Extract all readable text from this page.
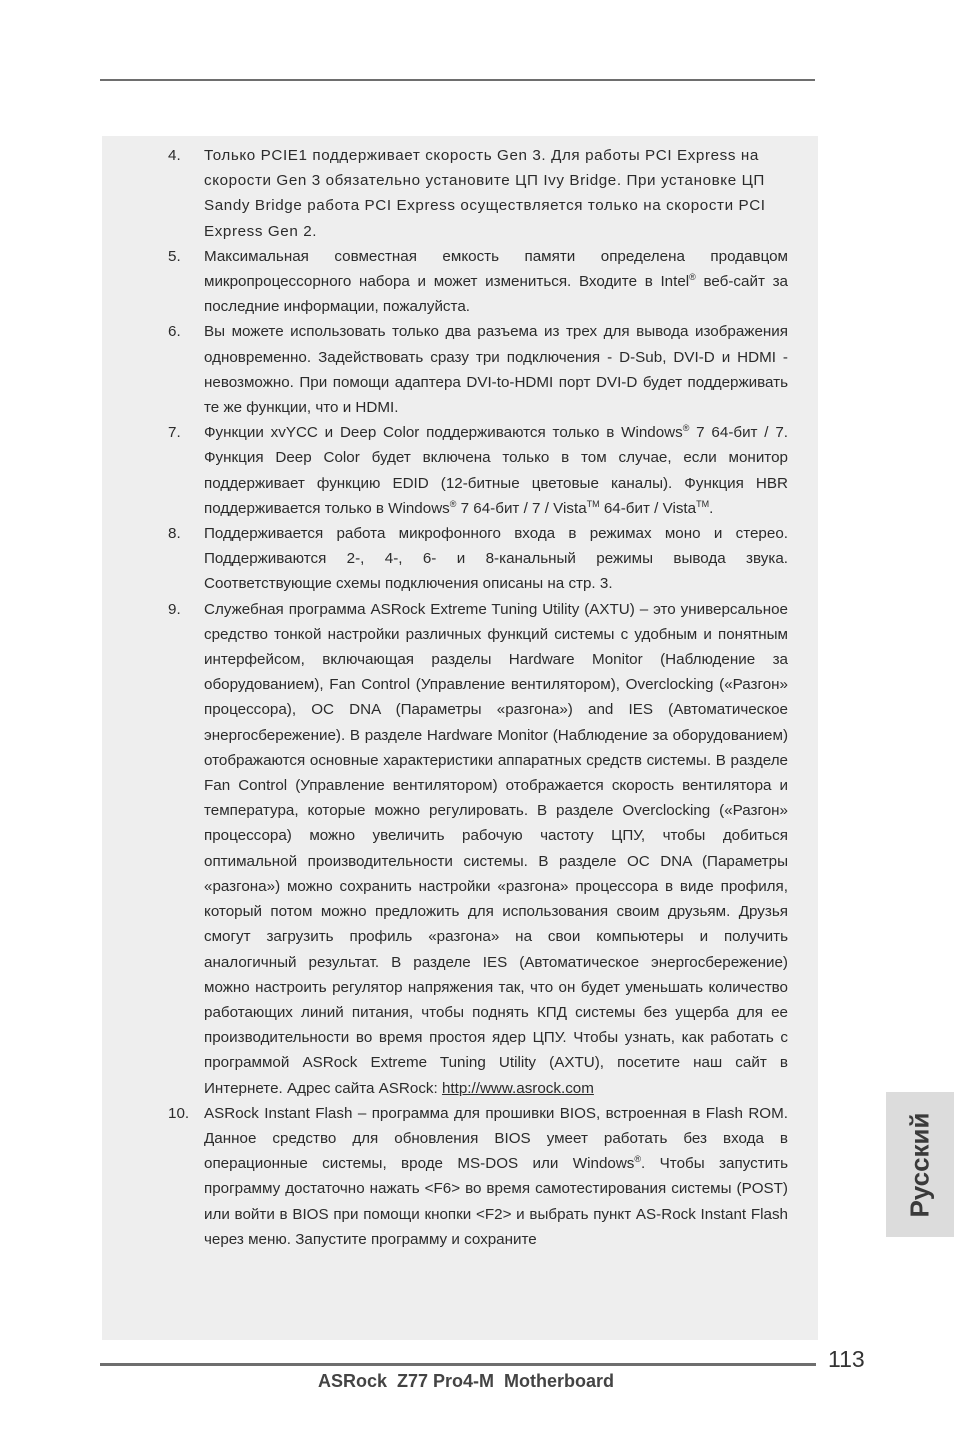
4.	Только PCIE1 поддерживает скорость Gen 3. Для работы PCI Express на скорости Gen 3 обязательно установите ЦП Ivy Bridge. При установке ЦП Sandy Bridge работа PCI Express осуществляется только на скорости PCI Express Gen 2.
5.	Максимальная совместная емкость памяти определена продавцом микропроцессорного набора и может измениться. Входите в Intel® веб-сайт за последние информации, пожалуйста.
6.	Вы можете использовать только два разъема из трех для вывода изображения одновременно. Задействовать сразу три подключения - D-Sub, DVI-D и HDMI - невозможно. При помощи адаптера DVI-to-HDMI порт DVI-D будет поддерживать те же функции, что и HDMI.
7.	Функции xvYCC и Deep Color поддерживаются только в Windows® 7 64-бит / 7. Функция Deep Color будет включена только в том случае, если монитор поддерживает функцию EDID (12-битные цветовые каналы). Функция HBR поддерживается только в Windows® 7 64-бит / 7 / Vista™ 64-бит / Vista™.
8.	Поддерживается работа микрофонного входа в режимах моно и стерео. Поддерживаются 2-, 4-, 6- и 8-канальный режимы вывода звука. Соответствующие схемы подключения описаны на стр. 3.
9.	Служебная программа ASRock Extreme Tuning Utility (AXTU) – это универсальное средство тонкой настройки различных функций системы с удобным и понятным интерфейсом, включающая разделы Hardware Monitor (Наблюдение за оборудованием), Fan Control (Управление вентилятором), Overclocking («Разгон» процессора), OC DNA (Параметры «разгона») and IES (Автоматическое энергосбережение). В разделе Hardware Monitor (Наблюдение за оборудованием) отображаются основные характеристики аппаратных средств системы. В разделе Fan Control (Управление вентилятором) отображается скорость вентилятора и температура, которые можно регулировать. В разделе Overclocking («Разгон» процессора) можно увеличить рабочую частоту ЦПУ, чтобы добиться оптимальной производительности системы. В разделе OC DNA (Параметры «разгона») можно сохранить настройки «разгона» процессора в виде профиля, который потом можно предложить для использования своим друзьям. Друзья смогут загрузить профиль «разгона» на свои компьютеры и получить аналогичный результат. В разделе IES (Автоматическое энергосбережение) можно настроить регулятор напряжения так, что он будет уменьшать количество работающих линий питания, чтобы поднять КПД системы без ущерба для ее производительности во время простоя ядер ЦПУ. Чтобы узнать, как работать с программой ASRock Extreme Tuning Utility (AXTU), посетите наш сайт в Интернете. Адрес сайта ASRock: http://www.asrock.com
10. ASRock Instant Flash – программа для прошивки BIOS, встроенная в Flash ROM. Данное средство для обновления BIOS умеет работать без входа в операционные системы, вроде MS-DOS или Windows®. Чтобы запустить программу достаточно нажать <F6> во время самотестирования системы (POST) или войти в BIOS при помощи кнопки <F2> и выбрать пункт AS-Rock Instant Flash через меню. Запустите программу и сохраните
Русский
113
ASRock  Z77 Pro4-M  Motherboard
